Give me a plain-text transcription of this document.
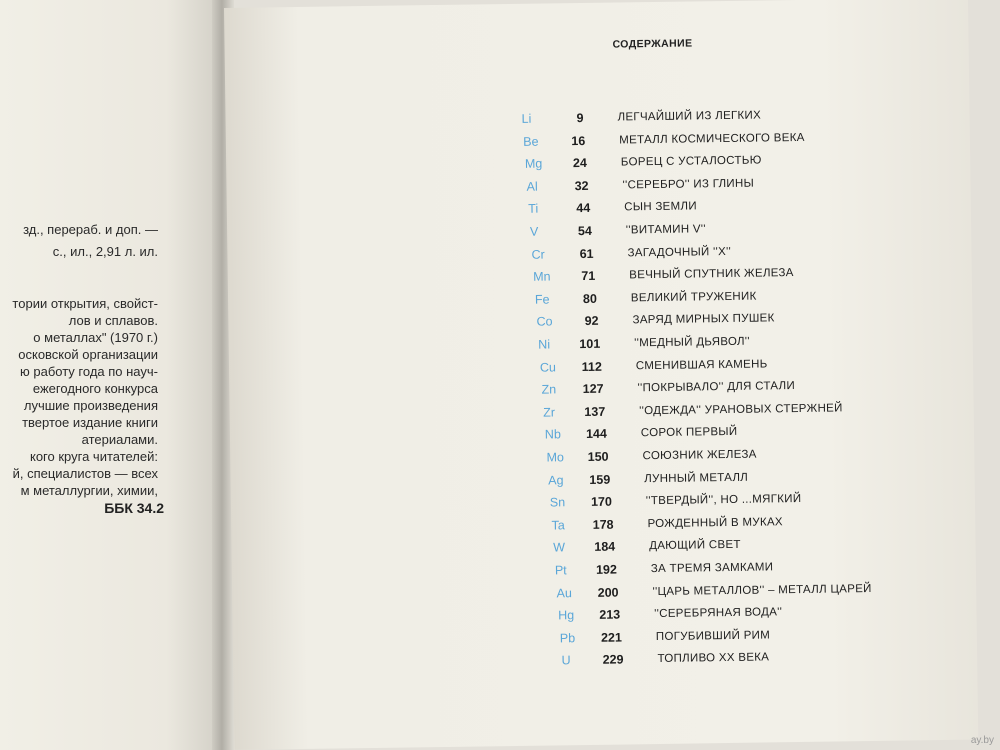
зд., перераб. и доп. —
с., ил., 2,91 л. ил.
тории открытия, свойст-
лов и сплавов.
о металлах" (1970 г.)
осковской организации
ю работу года по науч-
ежегодного конкурса
лучшие произведения
твертое издание книги
атериалами.
кого круга читателей:
й, специалистов — всех
м металлургии, химии,
ББК 34.2
СОДЕРЖАНИЕ
Li	9	ЛЕГЧАЙШИЙ ИЗ ЛЕГКИХ
Be	16	МЕТАЛЛ КОСМИЧЕСКОГО ВЕКА
Mg	24	БОРЕЦ С УСТАЛОСТЬЮ
Al	32	''СЕРЕБРО'' ИЗ ГЛИНЫ
Ti	44	СЫН ЗЕМЛИ
V	54	''ВИТАМИН V''
Cr	61	ЗАГАДОЧНЫЙ ''X''
Mn	71	ВЕЧНЫЙ СПУТНИК ЖЕЛЕЗА
Fe	80	ВЕЛИКИЙ ТРУЖЕНИК
Co	92	ЗАРЯД МИРНЫХ ПУШЕК
Ni	101	''МЕДНЫЙ ДЬЯВОЛ''
Cu	112	СМЕНИВШАЯ КАМЕНЬ
Zn	127	''ПОКРЫВАЛО'' ДЛЯ СТАЛИ
Zr	137	''ОДЕЖДА'' УРАНОВЫХ СТЕРЖНЕЙ
Nb	144	СОРОК ПЕРВЫЙ
Mo	150	СОЮЗНИК ЖЕЛЕЗА
Ag	159	ЛУННЫЙ МЕТАЛЛ
Sn	170	''ТВЕРДЫЙ'', НО ...МЯГКИЙ
Ta	178	РОЖДЕННЫЙ В МУКАХ
W	184	ДАЮЩИЙ СВЕТ
Pt	192	ЗА ТРЕМЯ ЗАМКАМИ
Au	200	''ЦАРЬ МЕТАЛЛОВ'' – МЕТАЛЛ ЦАРЕЙ
Hg	213	''СЕРЕБРЯНАЯ ВОДА''
Pb	221	ПОГУБИВШИЙ РИМ
U	229	ТОПЛИВО XX ВЕКА
ay.by
